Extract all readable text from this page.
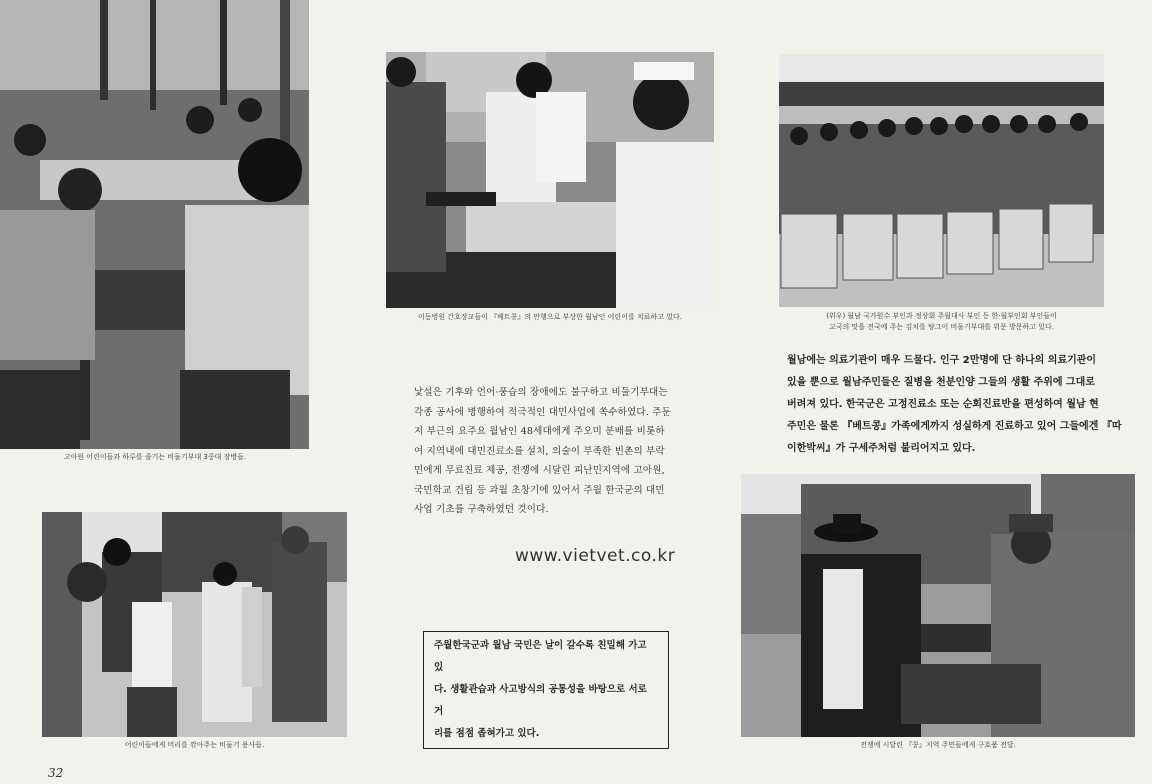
고아원 어린이들과 하루를 즐기는 비둘기부대 3중대 장병들.
이동병원 간호장교들이 『베트콩』의 만행으로 부상한 월남인 어린이를 치료하고 있다.	(위우) 월남 국가원수 부인과 정상회 주월대사 부인 등 한·월부인회 부인들이
고국의 맛을 전국에 주는 김치를 탕그이 비둘기부대를 위문 방문하고 있다.
어린이들에게 머리를 깎아주는 비둘기 용사들.	전쟁에 시달린 『콩』지역 주민들에게 구호품 전달.

낯설은 기후와 언어·풍습의 장애에도 불구하고 비둘기부대는

각종 공사에 병행하여 적극적인 대민사업에 쏙수하였다. 주둔

지 부근의 요주요 월남인 48세대에게 주오미 분배를 비롯하

여 지역내에 대민진료소를 설치, 의술이 부족한 빈촌의 부락

민에게 무료진료 제공, 전쟁에 시달린 피난민지역에 고아원,

국민학교 건립 등 과월 초창기에 있어서 주월 한국군의 대민

사업 기초를 구축하였던 것이다.

월남에는 의료기관이 매우 드물다. 인구 2만명에 단 하나의 의료기관이

있을 뿐으로 월남주민들은 질병을 천분인양 그들의 생활 주위에 그대로

버려져 있다. 한국군은 고정진료소 또는 순회진료반을 편성하여 월남 현

주민은 물론 『베트콩』가족에게까지 성실하게 진료하고 있어 그들에겐 『따

이한박씨』가 구세주처럼 불리어지고 있다.

www.vietvet.co.kr

주월한국군과 월남 국민은 날이 갈수록 친밀해 가고 있

다. 생활관습과 사고방식의 공통성을 바탕으로 서로 거

리를 점점 좁혀가고 있다.

32
